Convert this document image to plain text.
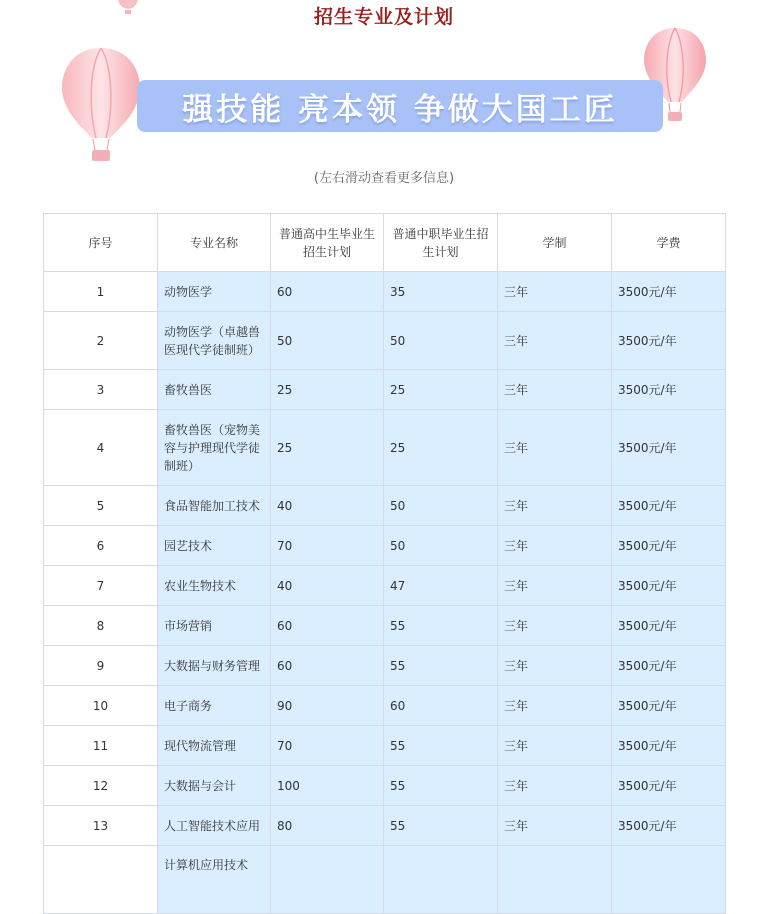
招生专业及计划
强技能 亮本领 争做大国工匠
(左右滑动查看更多信息)
序号	专业名称	普通高中生毕业生招生计划	普通中职毕业生招生计划	学制	学费
1	动物医学	60	35	三年	3500元/年
2	动物医学（卓越兽医现代学徒制班）	50	50	三年	3500元/年
3	畜牧兽医	25	25	三年	3500元/年
4	畜牧兽医（宠物美容与护理现代学徒制班）	25	25	三年	3500元/年
5	食品智能加工技术	40	50	三年	3500元/年
6	园艺技术	70	50	三年	3500元/年
7	农业生物技术	40	47	三年	3500元/年
8	市场营销	60	55	三年	3500元/年
9	大数据与财务管理	60	55	三年	3500元/年
10	电子商务	90	60	三年	3500元/年
11	现代物流管理	70	55	三年	3500元/年
12	大数据与会计	100	55	三年	3500元/年
13	人工智能技术应用	80	55	三年	3500元/年
	计算机应用技术				
